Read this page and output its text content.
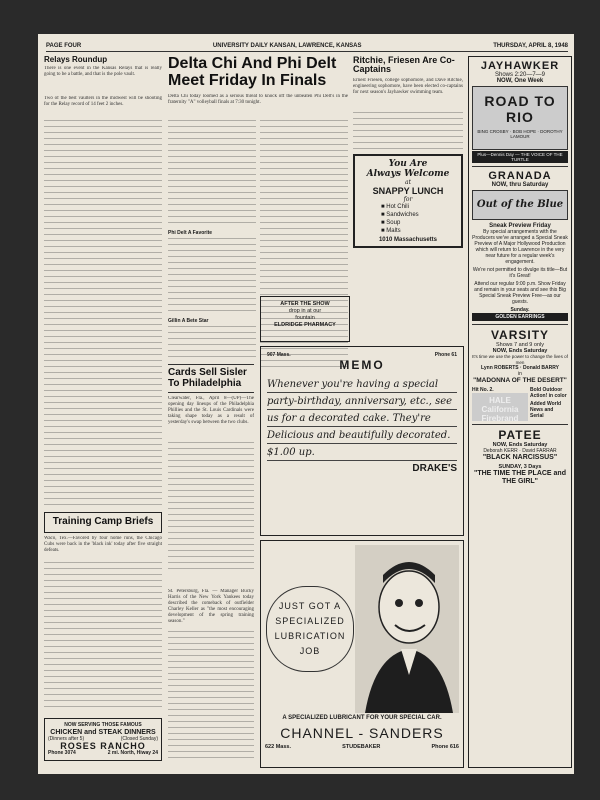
PAGE FOUR	UNIVERSITY DAILY KANSAN, LAWRENCE, KANSAS	THURSDAY, APRIL 8, 1948
Relays Roundup
There is one event in the Kansas Relays that is really going to be a battle, and that is the pole vault.
Two of the best vaulters in the midwest will be shooting for the Relay record of 14 feet 2 inches.
Training Camp Briefs
Waco, Tex.—Favored by four home runs, the Chicago Cubs were back in the 'black ink' today after five straight defeats.
NOW SERVING THOSE FAMOUS
CHICKEN and STEAK DINNERS
(Dinners after 5)	(Closed Sunday)
ROSES RANCHO
Phone 3074	2 mi. North, Hiway 24
Delta Chi And Phi Delt Meet Friday In Finals
Delta Chi today loomed as a serious threat to knock off the unbeaten Phi Delt's in the fraternity "A" volleyball finals at 7:30 tonight.
Phi Delt A Favorite
Gillin A Bete Star
Cards Sell Sisler To Philadelphia
Clearwater, Fla., April 8—(UP)—The opening day lineups of the Philadelphia Phillies and the St. Louis Cardinals were taking shape today as a result of yesterday's swap between the two clubs.
St. Petersburg, Fla. — Manager Bucky Harris of the New York Yankees today described the comeback of outfielder Charley Keller as "the most encouraging development of the spring training season."
Ritchie, Friesen Are Co-Captains
Ernest Friesen, college sophomore, and Dave Ritchie, engineering sophomore, have been elected co-captains for next season's Jayhawker swimming team.
You Are
Always Welcome
at
SNAPPY LUNCH
for
■ Hot Chili
■ Sandwiches
■ Soup
■ Malts
1010 Massachusetts
AFTER THE SHOW
drop in at our
fountain
ELDRIDGE PHARMACY
907 Mass.	Phone 61
MEMO
Whenever you're having a special party-birthday, anniversary, etc., see us for a decorated cake. They're Delicious and beautifully decorated. $1.00 up.
DRAKE'S
JUST GOT A SPECIALIZED LUBRICATION JOB
A SPECIALIZED LUBRICANT FOR YOUR SPECIAL CAR.
CHANNEL - SANDERS
622 Mass.	STUDEBAKER	Phone 616
JAYHAWKER
Shows 2:20—7—9
NOW, One Week
ROAD TO RIO
BING CROSBY · BOB HOPE · DOROTHY LAMOUR
Plus—Dennis Day — THE VOICE OF THE TURTLE
GRANADA
NOW, thru Saturday
Out of the Blue
Sneak Preview Friday
By special arrangements with the Producers we've arranged a Special Sneak Preview of A Major Hollywood Production which will return to Lawrence in the very near future for a regular week's engagement.
We're not permitted to divulge its title—But it's Great!
Attend our regular 9:00 p.m. Show Friday and remain in your seats and see this Big Special Sneak Preview Free—as our guests.
Sunday.
GOLDEN EARRINGS
VARSITY
Shows 7 and 9 only
NOW, Ends Saturday
It's time we use the power to change the lives of men
Lynn ROBERTS · Donald BARRY
in
"MADONNA OF THE DESERT"
Hit No. 2.
HALE California Firebrand
Bold Outdoor Action! in color
Added World News and Serial
PATEE
NOW, Ends Saturday
Deborah KERR · David FARRAR
"BLACK NARCISSUS"
SUNDAY, 3 Days
"THE TIME THE PLACE and THE GIRL"
